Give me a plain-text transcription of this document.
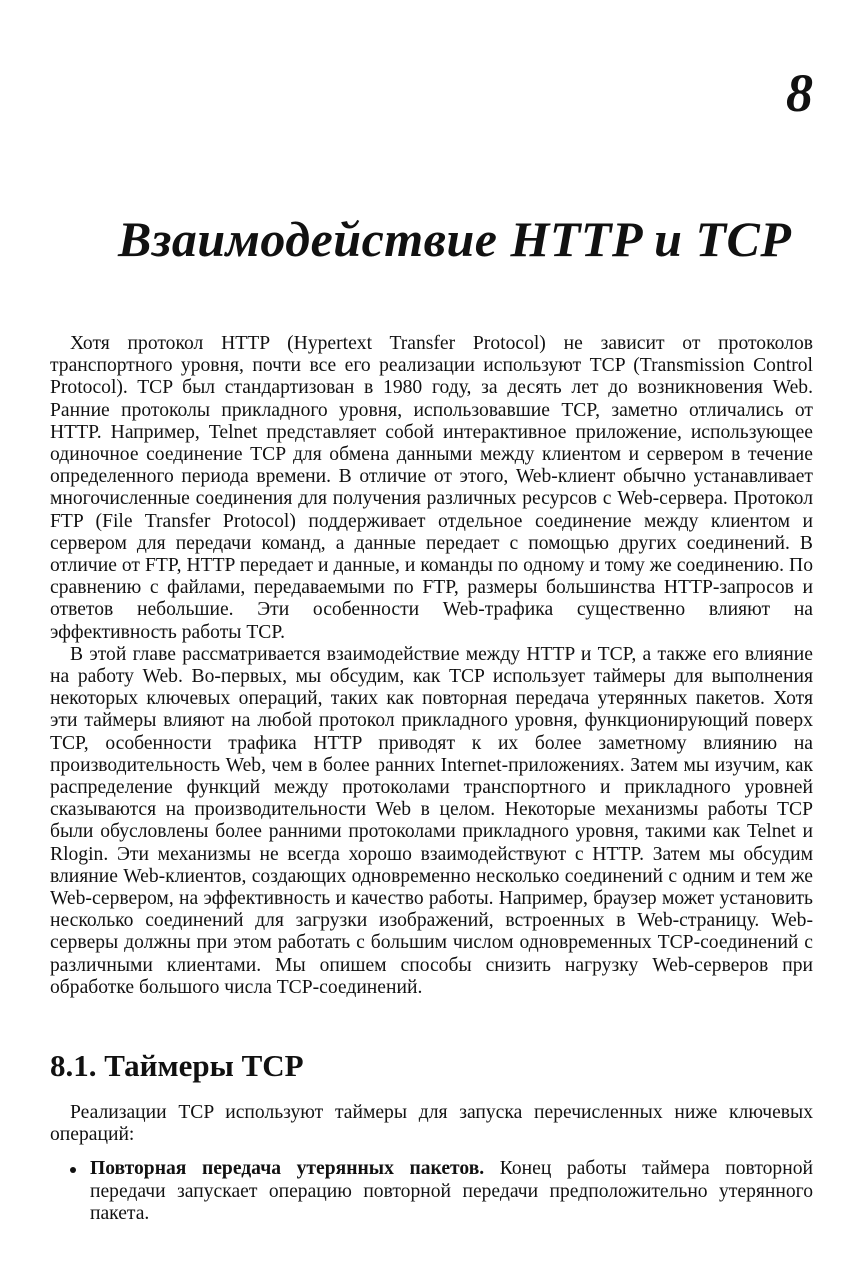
8
Взаимодействие HTTP и TCP

Хотя протокол HTTP (Hypertext Transfer Protocol) не зависит от протоколов транспортного уровня, почти все его реализации используют TCP (Transmission Control Protocol). TCP был стандартизован в 1980 году, за десять лет до возникновения Web. Ранние протоколы прикладного уровня, использовавшие TCP, заметно отличались от HTTP. Например, Telnet представляет собой интерактивное приложение, использующее одиночное соединение TCP для обмена данными между клиентом и сервером в течение определенного периода времени. В отличие от этого, Web-клиент обычно устанавливает многочисленные соединения для получения различных ресурсов с Web-сервера. Протокол FTP (File Transfer Protocol) поддерживает отдельное соединение между клиентом и сервером для передачи команд, а данные передает с помощью других соединений. В отличие от FTP, HTTP передает и данные, и команды по одному и тому же соединению. По сравнению с файлами, передаваемыми по FTP, размеры большинства HTTP-запросов и ответов небольшие. Эти особенности Web-трафика существенно влияют на эффективность работы TCP.

В этой главе рассматривается взаимодействие между HTTP и TCP, а также его влияние на работу Web. Во-первых, мы обсудим, как TCP использует таймеры для выполнения некоторых ключевых операций, таких как повторная передача утерянных пакетов. Хотя эти таймеры влияют на любой протокол прикладного уровня, функционирующий поверх TCP, особенности трафика HTTP приводят к их более заметному влиянию на производительность Web, чем в более ранних Internet-приложениях. Затем мы изучим, как распределение функций между протоколами транспортного и прикладного уровней сказываются на производительности Web в целом. Некоторые механизмы работы TCP были обусловлены более ранними протоколами прикладного уровня, такими как Telnet и Rlogin. Эти механизмы не всегда хорошо взаимодействуют с HTTP. Затем мы обсудим влияние Web-клиентов, создающих одновременно несколько соединений с одним и тем же Web-сервером, на эффективность и качество работы. Например, браузер может установить несколько соединений для загрузки изображений, встроенных в Web-страницу. Web-серверы должны при этом работать с большим числом одновременных TCP-соединений с различными клиентами. Мы опишем способы снизить нагрузку Web-серверов при обработке большого числа TCP-соединений.

8.1. Таймеры TCP

Реализации TCP используют таймеры для запуска перечисленных ниже ключевых операций:

Повторная передача утерянных пакетов. Конец работы таймера повторной передачи запускает операцию повторной передачи предположительно утерянного пакета.
